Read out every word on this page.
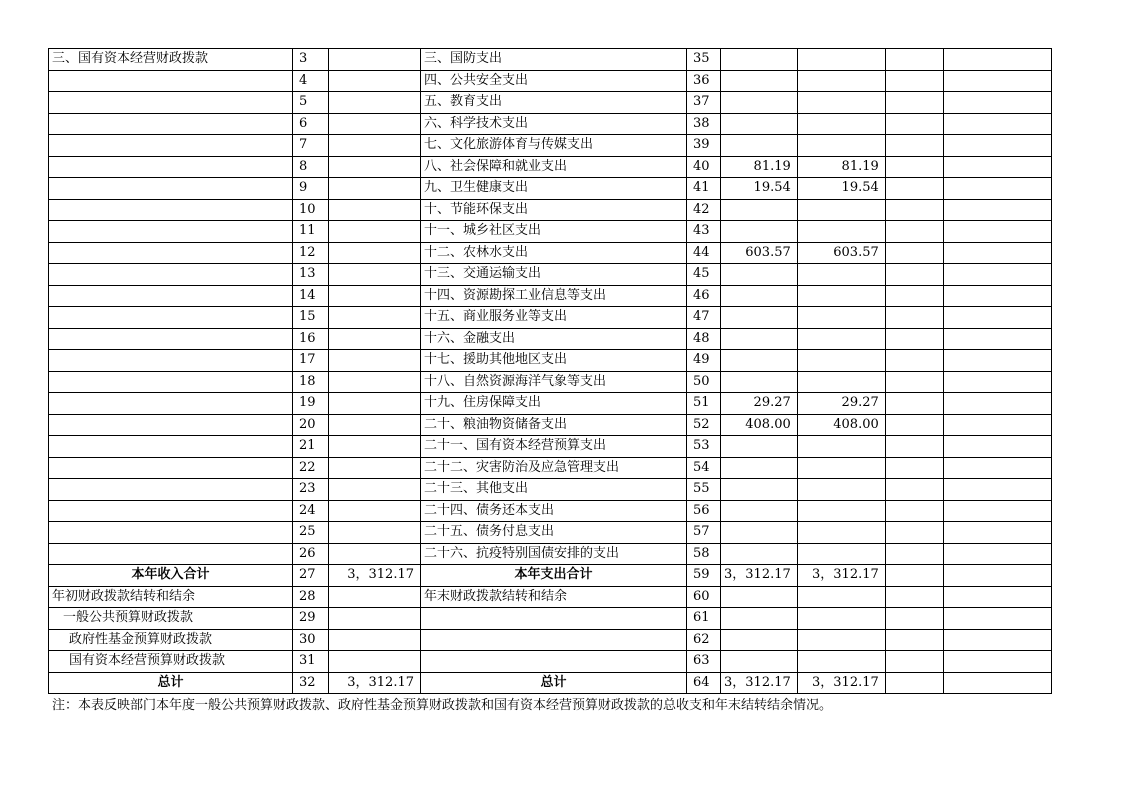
三、国有资本经营财政拨款	3		三、国防支出	35				
	4		四、公共安全支出	36				
	5		五、教育支出	37				
	6		六、科学技术支出	38				
	7		七、文化旅游体育与传媒支出	39				
	8		八、社会保障和就业支出	40	81.19	81.19		
	9		九、卫生健康支出	41	19.54	19.54		
	10		十、节能环保支出	42				
	11		十一、城乡社区支出	43				
	12		十二、农林水支出	44	603.57	603.57		
	13		十三、交通运输支出	45				
	14		十四、资源勘探工业信息等支出	46				
	15		十五、商业服务业等支出	47				
	16		十六、金融支出	48				
	17		十七、援助其他地区支出	49				
	18		十八、自然资源海洋气象等支出	50				
	19		十九、住房保障支出	51	29.27	29.27		
	20		二十、粮油物资储备支出	52	408.00	408.00		
	21		二十一、国有资本经营预算支出	53				
	22		二十二、灾害防治及应急管理支出	54				
	23		二十三、其他支出	55				
	24		二十四、债务还本支出	56				
	25		二十五、债务付息支出	57				
	26		二十六、抗疫特别国债安排的支出	58				
本年收入合计	27	3，312.17	本年支出合计	59	3，312.17	3，312.17		
年初财政拨款结转和结余	28		年末财政拨款结转和结余	60				
一般公共预算财政拨款	29			61				
政府性基金预算财政拨款	30			62				
国有资本经营预算财政拨款	31			63				
总计	32	3，312.17	总计	64	3，312.17	3，312.17		
注：本表反映部门本年度一般公共预算财政拨款、政府性基金预算财政拨款和国有资本经营预算财政拨款的总收支和年末结转结余情况。
